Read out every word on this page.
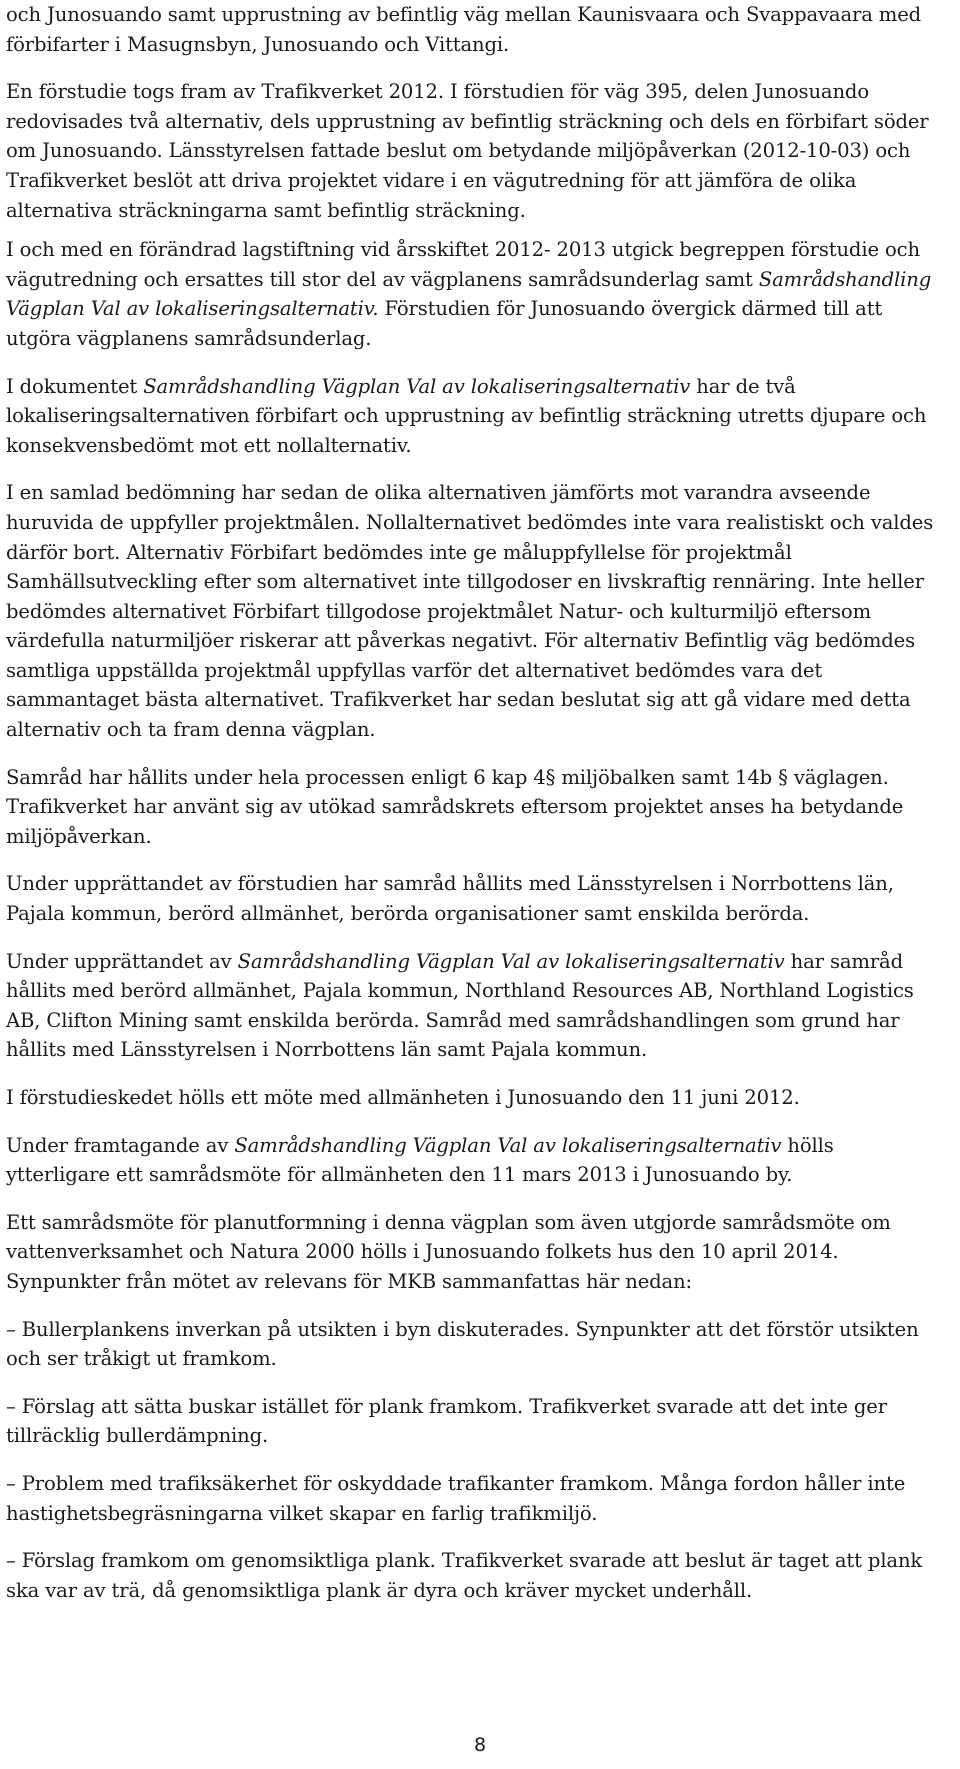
och Junosuando samt upprustning av befintlig väg mellan Kaunisvaara och Svappavaara med förbifarter i Masugnsbyn, Junosuando och Vittangi.

En förstudie togs fram av Trafikverket 2012. I förstudien för väg 395, delen Junosuando redovisades två alternativ, dels upprustning av befintlig sträckning och dels en förbifart söder om Junosuando. Länsstyrelsen fattade beslut om betydande miljöpåverkan (2012-10-03) och Trafikverket beslöt att driva projektet vidare i en vägutredning för att jämföra de olika alternativa sträckningarna samt befintlig sträckning.

I och med en förändrad lagstiftning vid årsskiftet 2012- 2013 utgick begreppen förstudie och vägutredning och ersattes till stor del av vägplanens samrådsunderlag samt Samrådshandling Vägplan Val av lokaliseringsalternativ. Förstudien för Junosuando övergick därmed till att utgöra vägplanens samrådsunderlag.

I dokumentet Samrådshandling Vägplan Val av lokaliseringsalternativ har de två lokaliseringsalternativen förbifart och upprustning av befintlig sträckning utretts djupare och konsekvensbedömt mot ett nollalternativ.

I en samlad bedömning har sedan de olika alternativen jämförts mot varandra avseende huruvida de uppfyller projektmålen. Nollalternativet bedömdes inte vara realistiskt och valdes därför bort. Alternativ Förbifart bedömdes inte ge måluppfyllelse för projektmål Samhällsutveckling efter som alternativet inte tillgodoser en livskraftig rennäring. Inte heller bedömdes alternativet Förbifart tillgodose projektmålet Natur- och kulturmiljö eftersom värdefulla naturmiljöer riskerar att påverkas negativt. För alternativ Befintlig väg bedömdes samtliga uppställda projektmål uppfyllas varför det alternativet bedömdes vara det sammantaget bästa alternativet. Trafikverket har sedan beslutat sig att gå vidare med detta alternativ och ta fram denna vägplan.

Samråd har hållits under hela processen enligt 6 kap 4§ miljöbalken samt 14b § väglagen. Trafikverket har använt sig av utökad samrådskrets eftersom projektet anses ha betydande miljöpåverkan.

Under upprättandet av förstudien har samråd hållits med Länsstyrelsen i Norrbottens län, Pajala kommun, berörd allmänhet, berörda organisationer samt enskilda berörda.

Under upprättandet av Samrådshandling Vägplan Val av lokaliseringsalternativ har samråd hållits med berörd allmänhet, Pajala kommun, Northland Resources AB, Northland Logistics AB, Clifton Mining samt enskilda berörda. Samråd med samrådshandlingen som grund har hållits med Länsstyrelsen i Norrbottens län samt Pajala kommun.

I förstudieskedet hölls ett möte med allmänheten i Junosuando den 11 juni 2012.

Under framtagande av Samrådshandling Vägplan Val av lokaliseringsalternativ hölls ytterligare ett samrådsmöte för allmänheten den 11 mars 2013 i Junosuando by.

Ett samrådsmöte för planutformning i denna vägplan som även utgjorde samrådsmöte om vattenverksamhet och Natura 2000 hölls i Junosuando folkets hus den 10 april 2014. Synpunkter från mötet av relevans för MKB sammanfattas här nedan:

– Bullerplankens inverkan på utsikten i byn diskuterades. Synpunkter att det förstör utsikten och ser tråkigt ut framkom.

– Förslag att sätta buskar istället för plank framkom. Trafikverket svarade att det inte ger tillräcklig bullerdämpning.

– Problem med trafiksäkerhet för oskyddade trafikanter framkom. Många fordon håller inte hastighetsbegräsningarna vilket skapar en farlig trafikmiljö.

– Förslag framkom om genomsiktliga plank. Trafikverket svarade att beslut är taget att plank ska var av trä, då genomsiktliga plank är dyra och kräver mycket underhåll.

8
